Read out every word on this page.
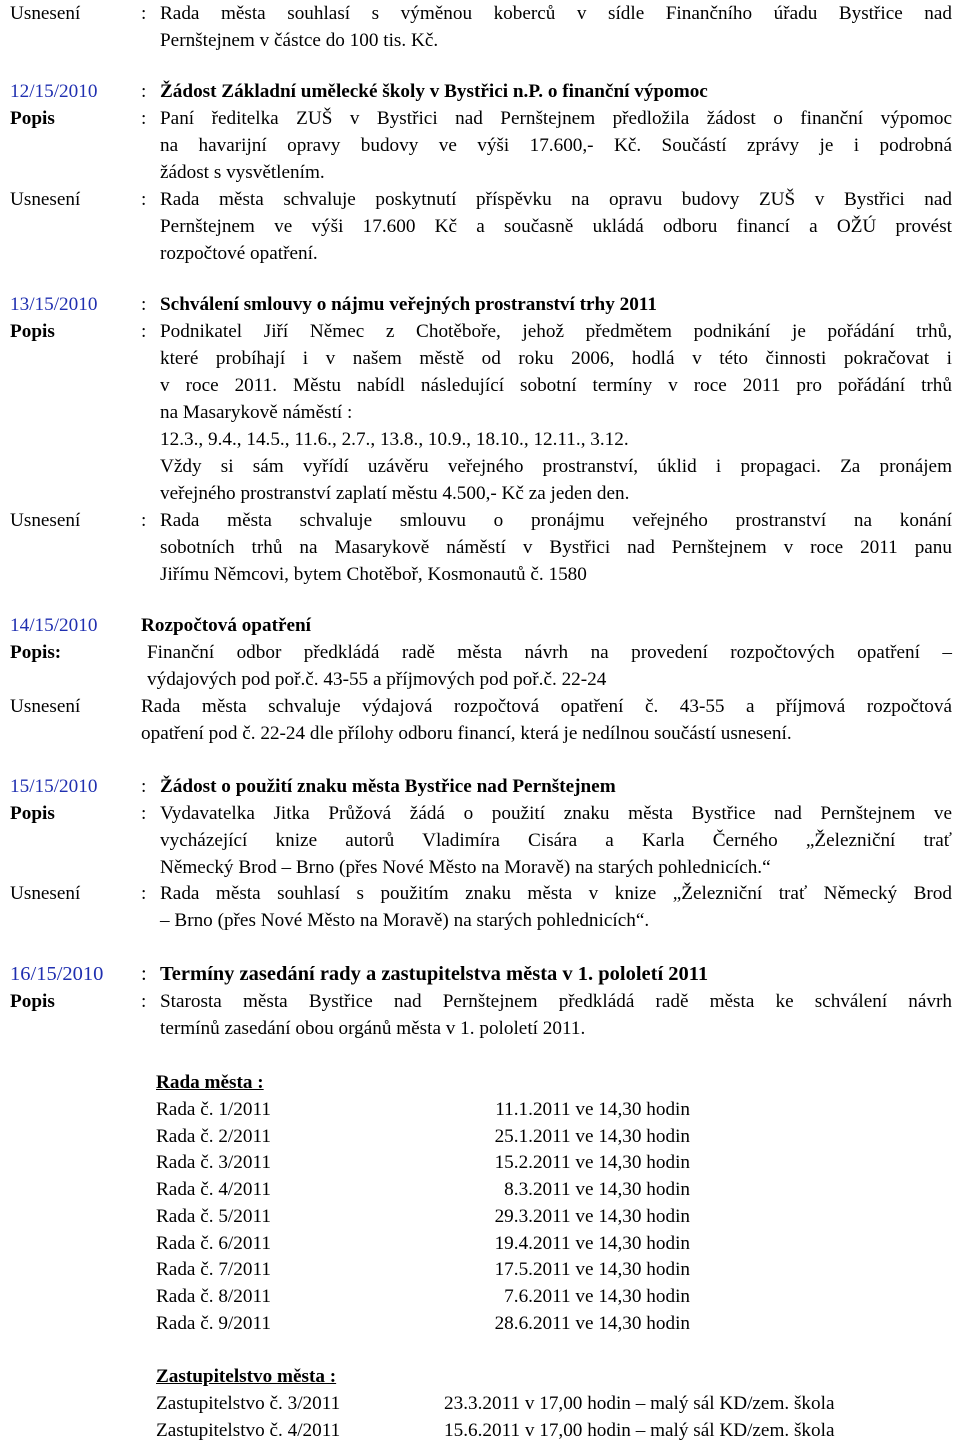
Usnesení	: Rada města souhlasí s výměnou koberců v sídle Finančního úřadu Bystřice nad
Pernštejnem v částce do 100 tis. Kč.
12/15/2010 : Žádost Základní umělecké školy v Bystřici n.P. o finanční výpomoc
Popis	: Paní ředitelka ZUŠ v Bystřici nad Pernštejnem předložila žádost o finanční výpomoc
na havarijní opravy budovy ve výši 17.600,- Kč. Součástí zprávy je i podrobná
žádost s vysvětlením.
Usnesení	: Rada města schvaluje poskytnutí příspěvku na opravu budovy ZUŠ v Bystřici nad
Pernštejnem ve výši 17.600 Kč a současně ukládá odboru financí a OŽÚ provést
rozpočtové opatření.
13/15/2010 : Schválení smlouvy o nájmu veřejných prostranství trhy 2011
Popis	: Podnikatel Jiří Němec z Chotěboře, jehož předmětem podnikání je pořádání trhů,
které probíhají i v našem městě od roku 2006, hodlá v této činnosti pokračovat i
v roce 2011. Městu nabídl následující sobotní termíny v roce 2011 pro pořádání trhů
na Masarykově náměstí :
12.3., 9.4., 14.5., 11.6., 2.7., 13.8., 10.9., 18.10., 12.11., 3.12.
Vždy si sám vyřídí uzávěru veřejného prostranství, úklid i propagaci. Za pronájem
veřejného prostranství zaplatí městu 4.500,- Kč za jeden den.
Usnesení	: Rada města schvaluje smlouvu o pronájmu veřejného prostranství na konání
sobotních trhů na Masarykově náměstí v Bystřici nad Pernštejnem v roce 2011 panu
Jiřímu Němcovi, bytem Chotěboř, Kosmonautů č. 1580
14/15/2010 Rozpočtová opatření
Popis:	Finanční odbor předkládá radě města návrh na provedení rozpočtových opatření –
výdajových pod poř.č. 43-55 a příjmových pod poř.č. 22-24
Usnesení	Rada města schvaluje výdajová rozpočtová opatření č. 43-55 a příjmová rozpočtová
opatření pod č. 22-24 dle přílohy odboru financí, která je nedílnou součástí usnesení.
15/15/2010 : Žádost o použití znaku města Bystřice nad Pernštejnem
Popis	: Vydavatelka Jitka Průžová žádá o použití znaku města Bystřice nad Pernštejnem ve
vycházející knize autorů Vladimíra Cisára a Karla Černého „Železniční trať
Německý Brod – Brno (přes Nové Město na Moravě) na starých pohlednicích.“
Usnesení	: Rada města souhlasí s použitím znaku města v knize „Železniční trať Německý Brod
– Brno (přes Nové Město na Moravě) na starých pohlednicích“.
16/15/2010 : Termíny zasedání rady a zastupitelstva města v 1. pololetí 2011
Popis	: Starosta města Bystřice nad Pernštejnem předkládá radě města ke schválení návrh
termínů zasedání obou orgánů města v 1. pololetí 2011.
Rada města :
Rada č. 1/2011	11.1.2011 ve 14,30 hodin
Rada č. 2/2011	25.1.2011 ve 14,30 hodin
Rada č. 3/2011	15.2.2011 ve 14,30 hodin
Rada č. 4/2011	8.3.2011 ve 14,30 hodin
Rada č. 5/2011	29.3.2011 ve 14,30 hodin
Rada č. 6/2011	19.4.2011 ve 14,30 hodin
Rada č. 7/2011	17.5.2011 ve 14,30 hodin
Rada č. 8/2011	7.6.2011 ve 14,30 hodin
Rada č. 9/2011	28.6.2011 ve 14,30 hodin
Zastupitelstvo města :
Zastupitelstvo č. 3/2011	23.3.2011 v 17,00 hodin – malý sál KD/zem. škola
Zastupitelstvo č. 4/2011	15.6.2011 v 17,00 hodin – malý sál KD/zem. škola
